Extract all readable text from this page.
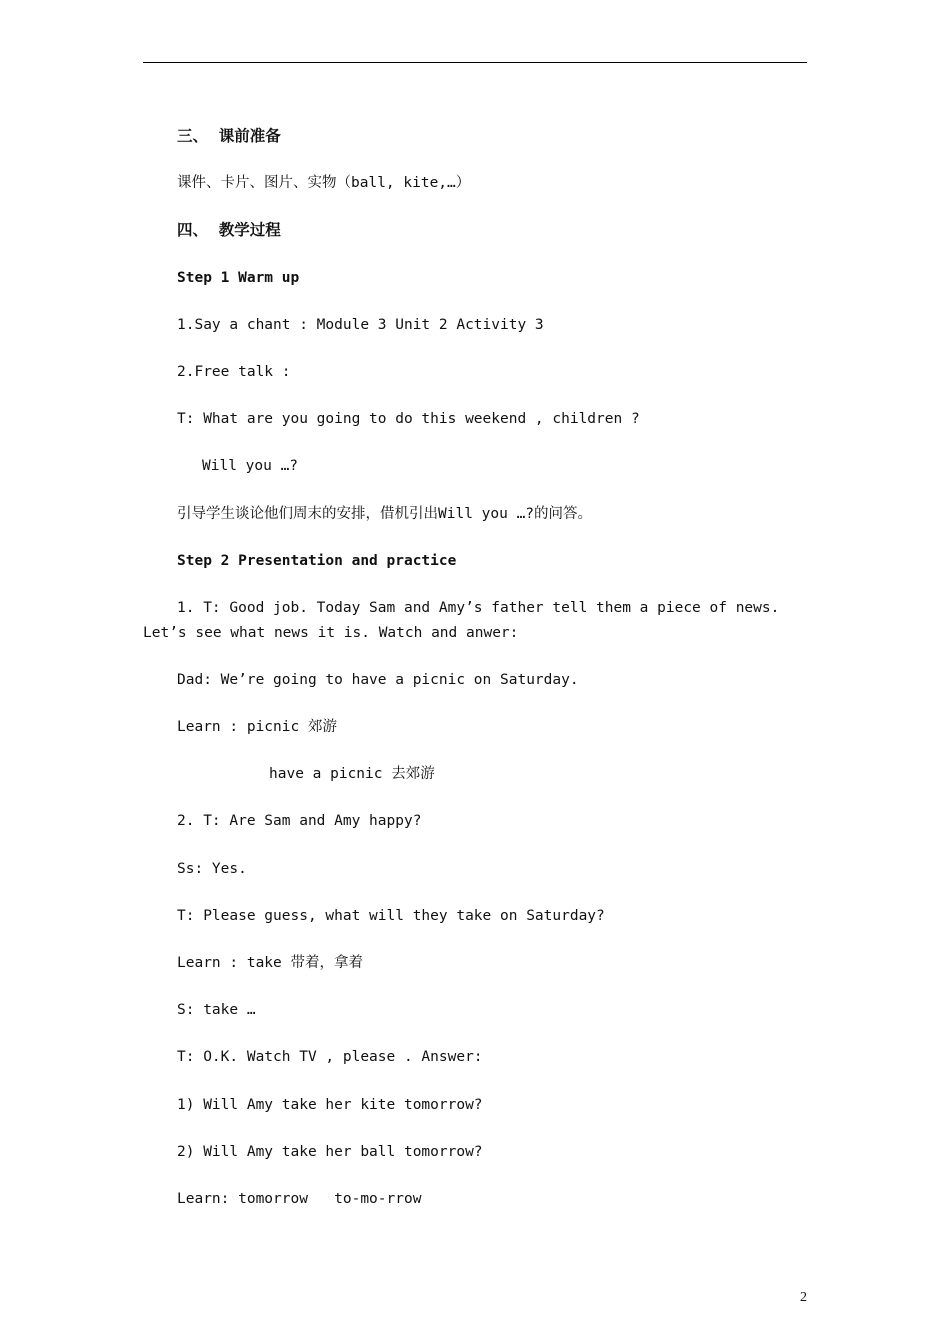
三、  课前准备
课件、卡片、图片、实物（ball, kite,…）
四、  教学过程
Step 1 Warm up
1.Say a chant : Module 3 Unit 2 Activity 3
2.Free talk :
T: What are you going to do this weekend , children ?
Will you …?
引导学生谈论他们周末的安排，借机引出Will you …?的问答。
Step 2 Presentation and practice
1. T: Good job. Today Sam and Amy’s father tell them a piece of news. Let’s see what news it is. Watch and anwer:
Dad: We’re going to have a picnic on Saturday.
Learn : picnic 郊游
have a picnic 去郊游
2. T: Are Sam and Amy happy?
Ss: Yes.
T: Please guess, what will they take on Saturday?
Learn : take 带着，拿着
S: take …
T: O.K. Watch TV , please . Answer:
1) Will Amy take her kite tomorrow?
2) Will Amy take her ball tomorrow?
Learn: tomorrow   to-mo-rrow
2
